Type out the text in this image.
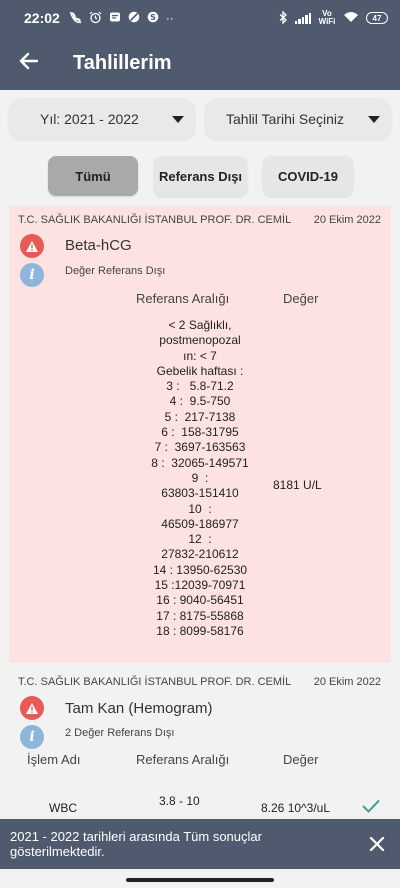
22:02	S ··	Vo WiFi	47
Tahlillerim
Yıl: 2021 - 2022	Tahlil Tarihi Seçiniz
Tümü	Referans Dışı	COVID-19
T.C. SAĞLIK BAKANLIĞI İSTANBUL PROF. DR. CEMİL 20 Ekim 2022
Beta-hCG
i	Değer Referans Dışı
Referans Aralığı	Değer
< 2 Sağlıklı,
postmenopozal
ın: < 7
Gebelik haftası :
3 :   5.8-71.2
4 :  9.5-750
5 :  217-7138
6 :  158-31795
7 :  3697-163563
8 :  32065-149571
9  :
63803-151410
10  :
46509-186977
12  :
27832-210612
14 : 13950-62530
15 :12039-70971
16 : 9040-56451
17 : 8175-55868
18 : 8099-58176
8181 U/L
T.C. SAĞLIK BAKANLIĞI İSTANBUL PROF. DR. CEMİL 20 Ekim 2022
Tam Kan (Hemogram)
i	2 Değer Referans Dışı
İşlem Adı	Referans Aralığı	Değer
WBC	3.8 - 10	8.26 10^3/uL
2021 - 2022 tarihleri arasında Tüm sonuçlar gösterilmektedir.
